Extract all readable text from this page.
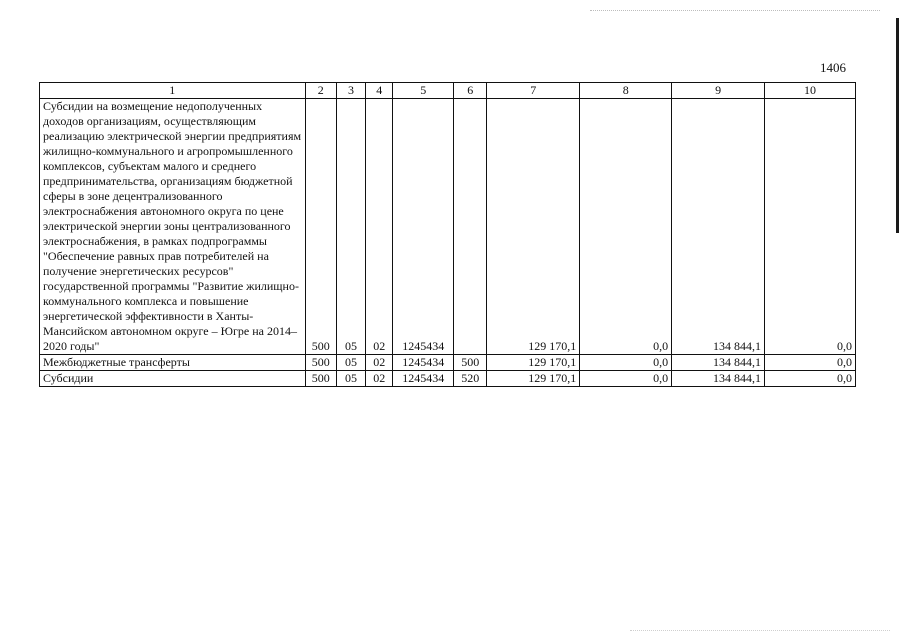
1406
1	2	3	4	5	6	7	8	9	10

Субсидии на возмещение недополученных доходов организациям, осуществляющим реализацию электрической энергии предприятиям жилищно-коммунального и агропромышленного комплексов, субъектам малого и среднего предпринимательства, организациям бюджетной сферы в зоне децентрализованного электроснабжения автономного округа по цене электрической энергии зоны централизованного электроснабжения, в рамках подпрограммы "Обеспечение равных прав потребителей на получение энергетических ресурсов" государственной программы "Развитие жилищно-коммунального комплекса и повышение энергетической эффективности в Ханты-Мансийском автономном округе – Югре на 2014–2020 годы"	500	05	02	1245434		129 170,1	0,0	134 844,1	0,0
Межбюджетные трансферты	500	05	02	1245434	500	129 170,1	0,0	134 844,1	0,0
Субсидии	500	05	02	1245434	520	129 170,1	0,0	134 844,1	0,0
